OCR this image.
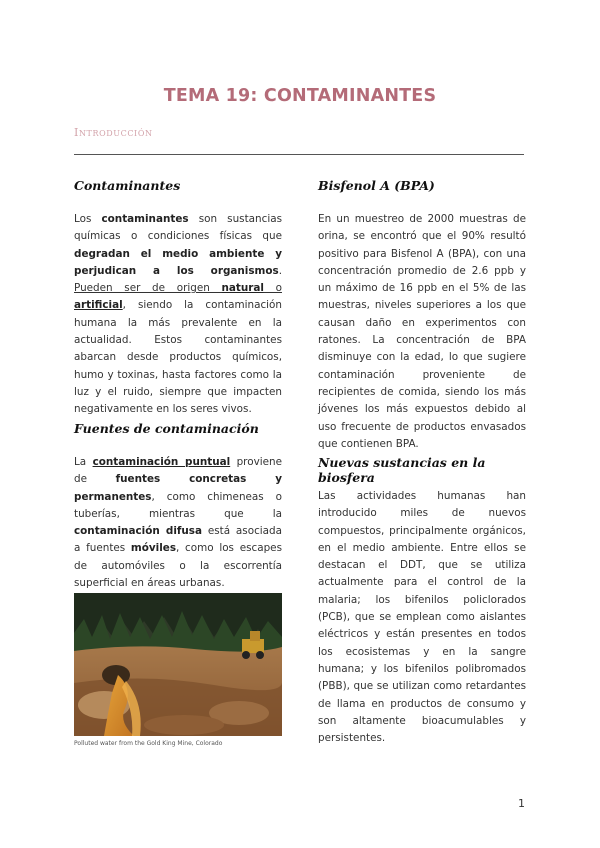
TEMA 19: CONTAMINANTES
Introducción
Contaminantes

Los contaminantes son sustancias químicas o condiciones físicas que degradan el medio ambiente y perjudican a los organismos. Pueden ser de origen natural o artificial, siendo la contaminación humana la más prevalente en la actualidad. Estos contaminantes abarcan desde productos químicos, humo y toxinas, hasta factores como la luz y el ruido, siempre que impacten negativamente en los seres vivos.

Fuentes de contaminación

La contaminación puntual proviene de fuentes concretas y permanentes, como chimeneas o tuberías, mientras que la contaminación difusa está asociada a fuentes móviles, como los escapes de automóviles o la escorrentía superficial en áreas urbanas.

Polluted water from the Gold King Mine, Colorado
Bisfenol A (BPA)

En un muestreo de 2000 muestras de orina, se encontró que el 90% resultó positivo para Bisfenol A (BPA), con una concentración promedio de 2.6 ppb y un máximo de 16 ppb en el 5% de las muestras, niveles superiores a los que causan daño en experimentos con ratones. La concentración de BPA disminuye con la edad, lo que sugiere contaminación proveniente de recipientes de comida, siendo los más jóvenes los más expuestos debido al uso frecuente de productos envasados que contienen BPA.

Nuevas sustancias en la biosfera

Las actividades humanas han introducido miles de nuevos compuestos, principalmente orgánicos, en el medio ambiente. Entre ellos se destacan el DDT, que se utiliza actualmente para el control de la malaria; los bifenilos policlorados (PCB), que se emplean como aislantes eléctricos y están presentes en todos los ecosistemas y en la sangre humana; y los bifenilos polibromados (PBB), que se utilizan como retardantes de llama en productos de consumo y son altamente bioacumulables y persistentes.

1
